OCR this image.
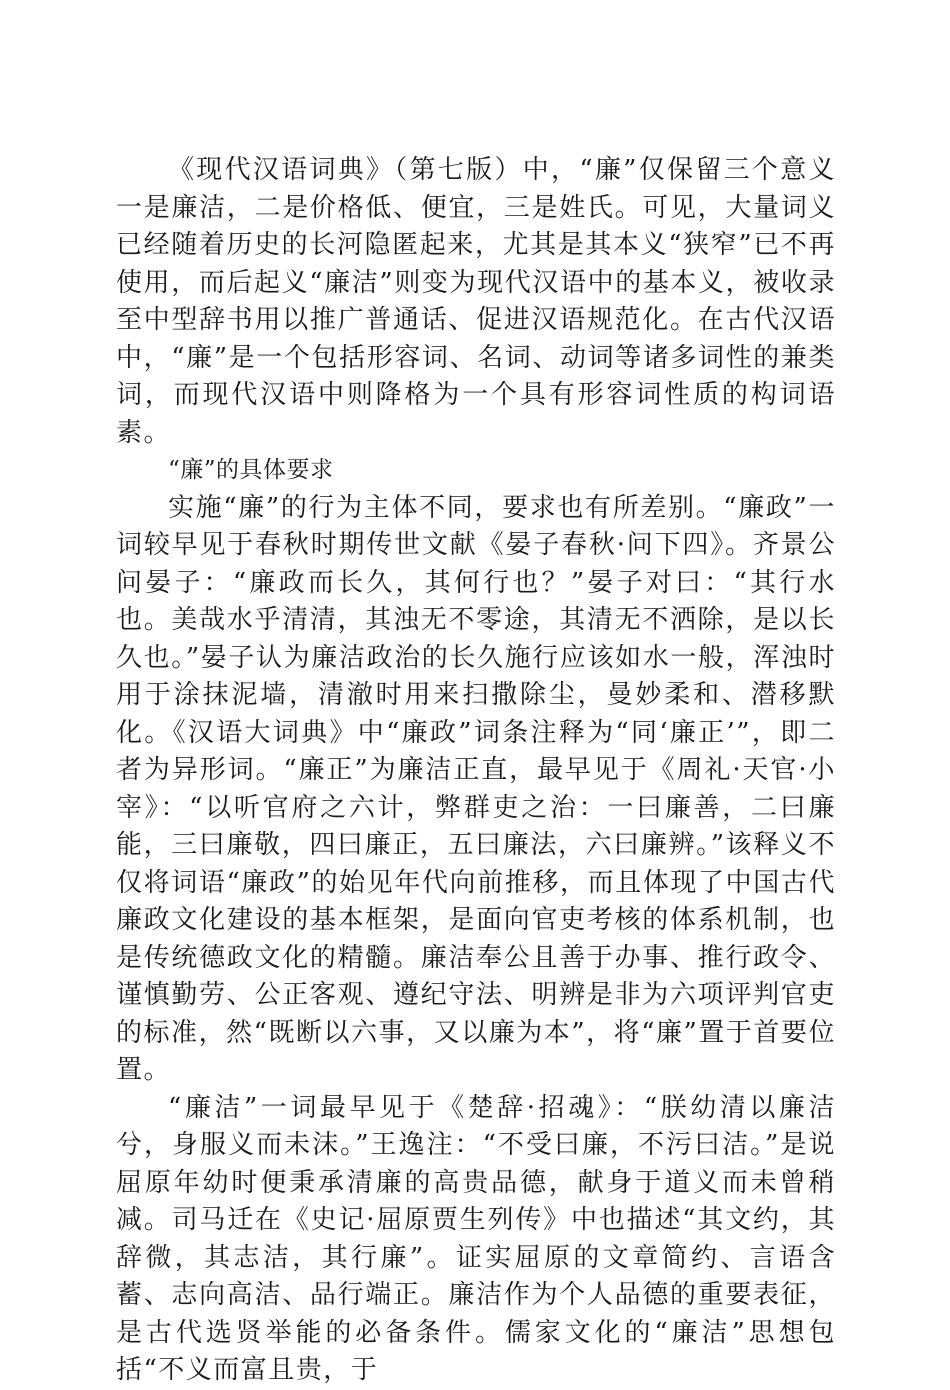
《现代汉语词典》（第七版）中，“廉”仅保留三个意义一是廉洁，二是价格低、便宜，三是姓氏。可见，大量词义已经随着历史的长河隐匿起来，尤其是其本义“狭窄”已不再使用，而后起义“廉洁”则变为现代汉语中的基本义，被收录至中型辞书用以推广普通话、促进汉语规范化。在古代汉语中，“廉”是一个包括形容词、名词、动词等诸多词性的兼类词，而现代汉语中则降格为一个具有形容词性质的构词语素。

“廉”的具体要求

实施“廉”的行为主体不同，要求也有所差别。“廉政”一词较早见于春秋时期传世文献《晏子春秋·问下四》。齐景公问晏子：“廉政而长久，其何行也？”晏子对曰：“其行水也。美哉水乎清清，其浊无不零途，其清无不洒除，是以长久也。”晏子认为廉洁政治的长久施行应该如水一般，浑浊时用于涂抹泥墙，清澈时用来扫撒除尘，曼妙柔和、潜移默化。《汉语大词典》中“廉政”词条注释为“同‘廉正’”，即二者为异形词。“廉正”为廉洁正直，最早见于《周礼·天官·小宰》：“以听官府之六计，弊群吏之治：一曰廉善，二曰廉能，三曰廉敬，四曰廉正，五曰廉法，六曰廉辨。”该释义不仅将词语“廉政”的始见年代向前推移，而且体现了中国古代廉政文化建设的基本框架，是面向官吏考核的体系机制，也是传统德政文化的精髓。廉洁奉公且善于办事、推行政令、谨慎勤劳、公正客观、遵纪守法、明辨是非为六项评判官吏的标准，然“既断以六事，又以廉为本”，将“廉”置于首要位置。

“廉洁”一词最早见于《楚辞·招魂》：“朕幼清以廉洁兮，身服义而未沫。”王逸注：“不受曰廉，不污曰洁。”是说屈原年幼时便秉承清廉的高贵品德，献身于道义而未曾稍减。司马迁在《史记·屈原贾生列传》中也描述“其文约，其辞微，其志洁，其行廉”。证实屈原的文章简约、言语含蓄、志向高洁、品行端正。廉洁作为个人品德的重要表征，是古代选贤举能的必备条件。儒家文化的“廉洁”思想包括“不义而富且贵，于
